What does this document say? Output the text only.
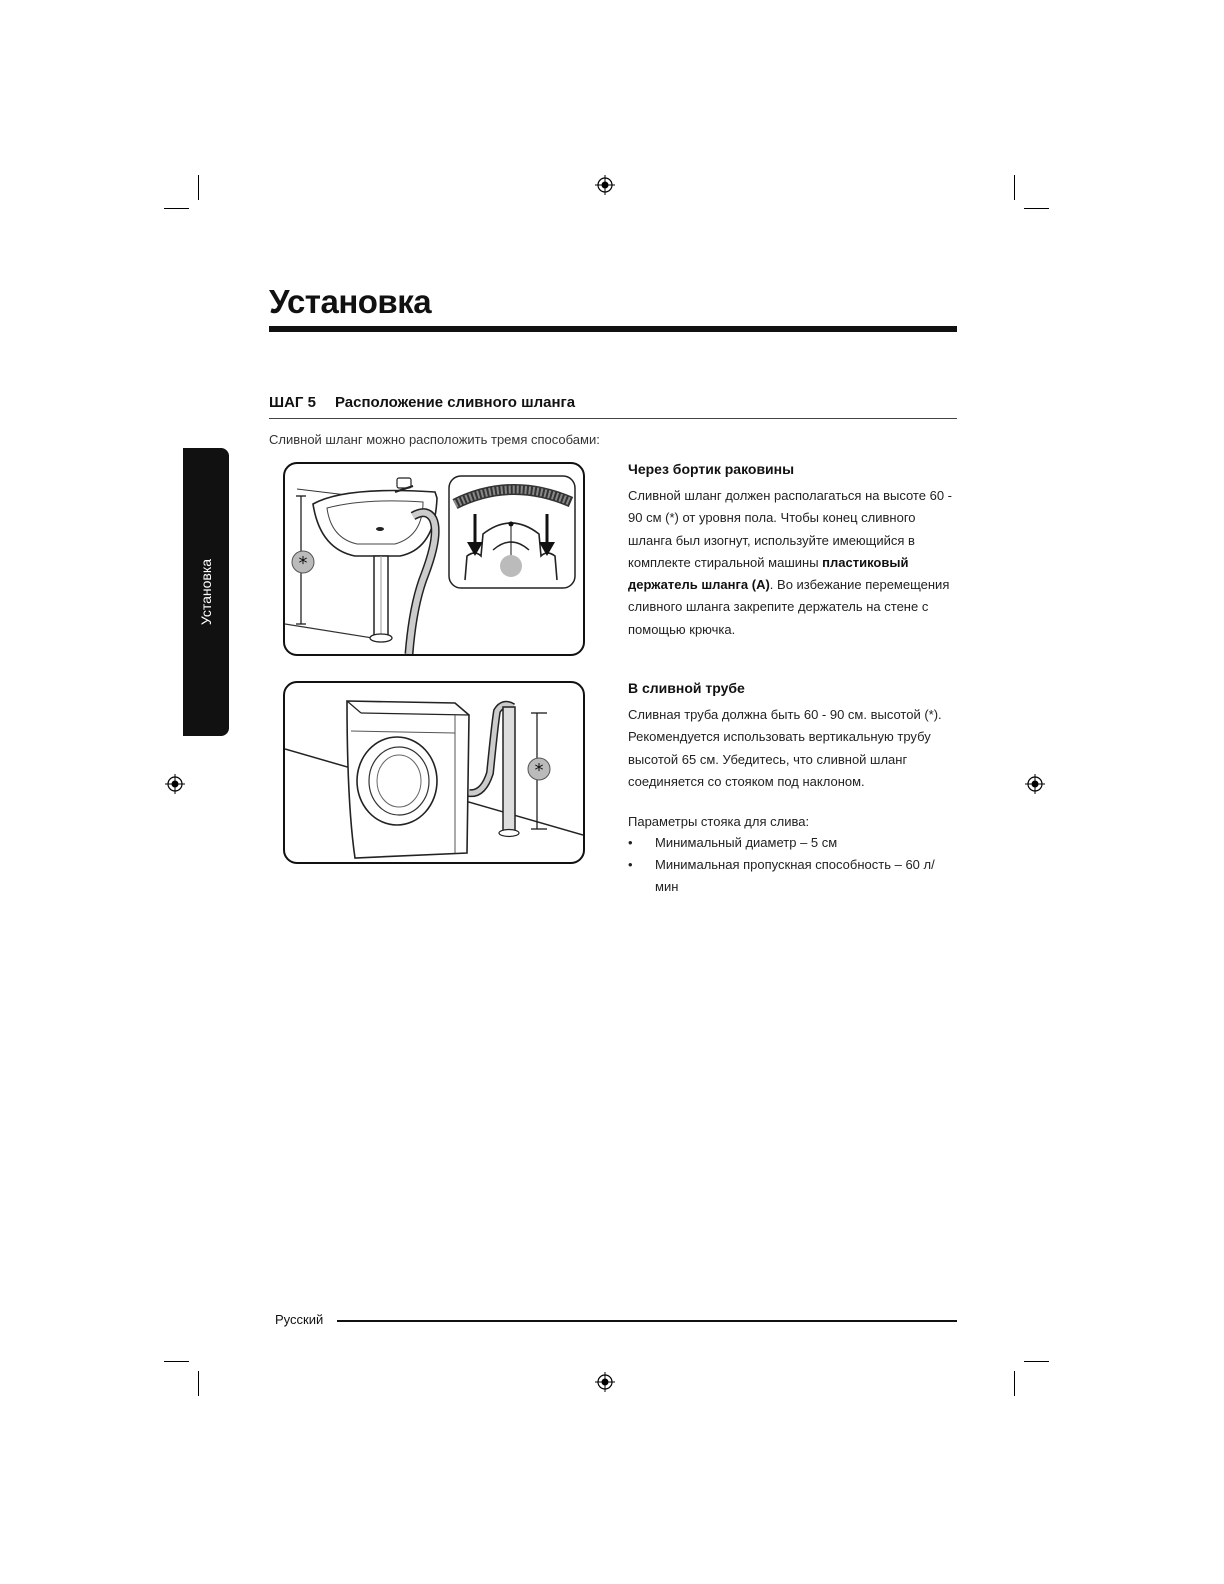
Установка
ШАГ 5 Расположение сливного шланга
Сливной шланг можно расположить тремя способами:
Установка	*
*
Через бортик раковины
Сливной шланг должен располагаться на высоте 60 - 90 см (*) от уровня пола. Чтобы конец сливного шланга был изогнут, используйте имеющийся в комплекте стиральной машины пластиковый держатель шланга (A). Во избежание перемещения сливного шланга закрепите держатель на стене с помощью крючка.
В сливной трубе
Сливная труба должна быть 60 - 90 см. высотой (*). Рекомендуется использовать вертикальную трубу высотой 65 см. Убедитесь, что сливной шланг соединяется со стояком под наклоном.
Параметры стояка для слива:
• Минимальный диаметр – 5 см
• Минимальная пропускная способность – 60 л/мин
Русский
